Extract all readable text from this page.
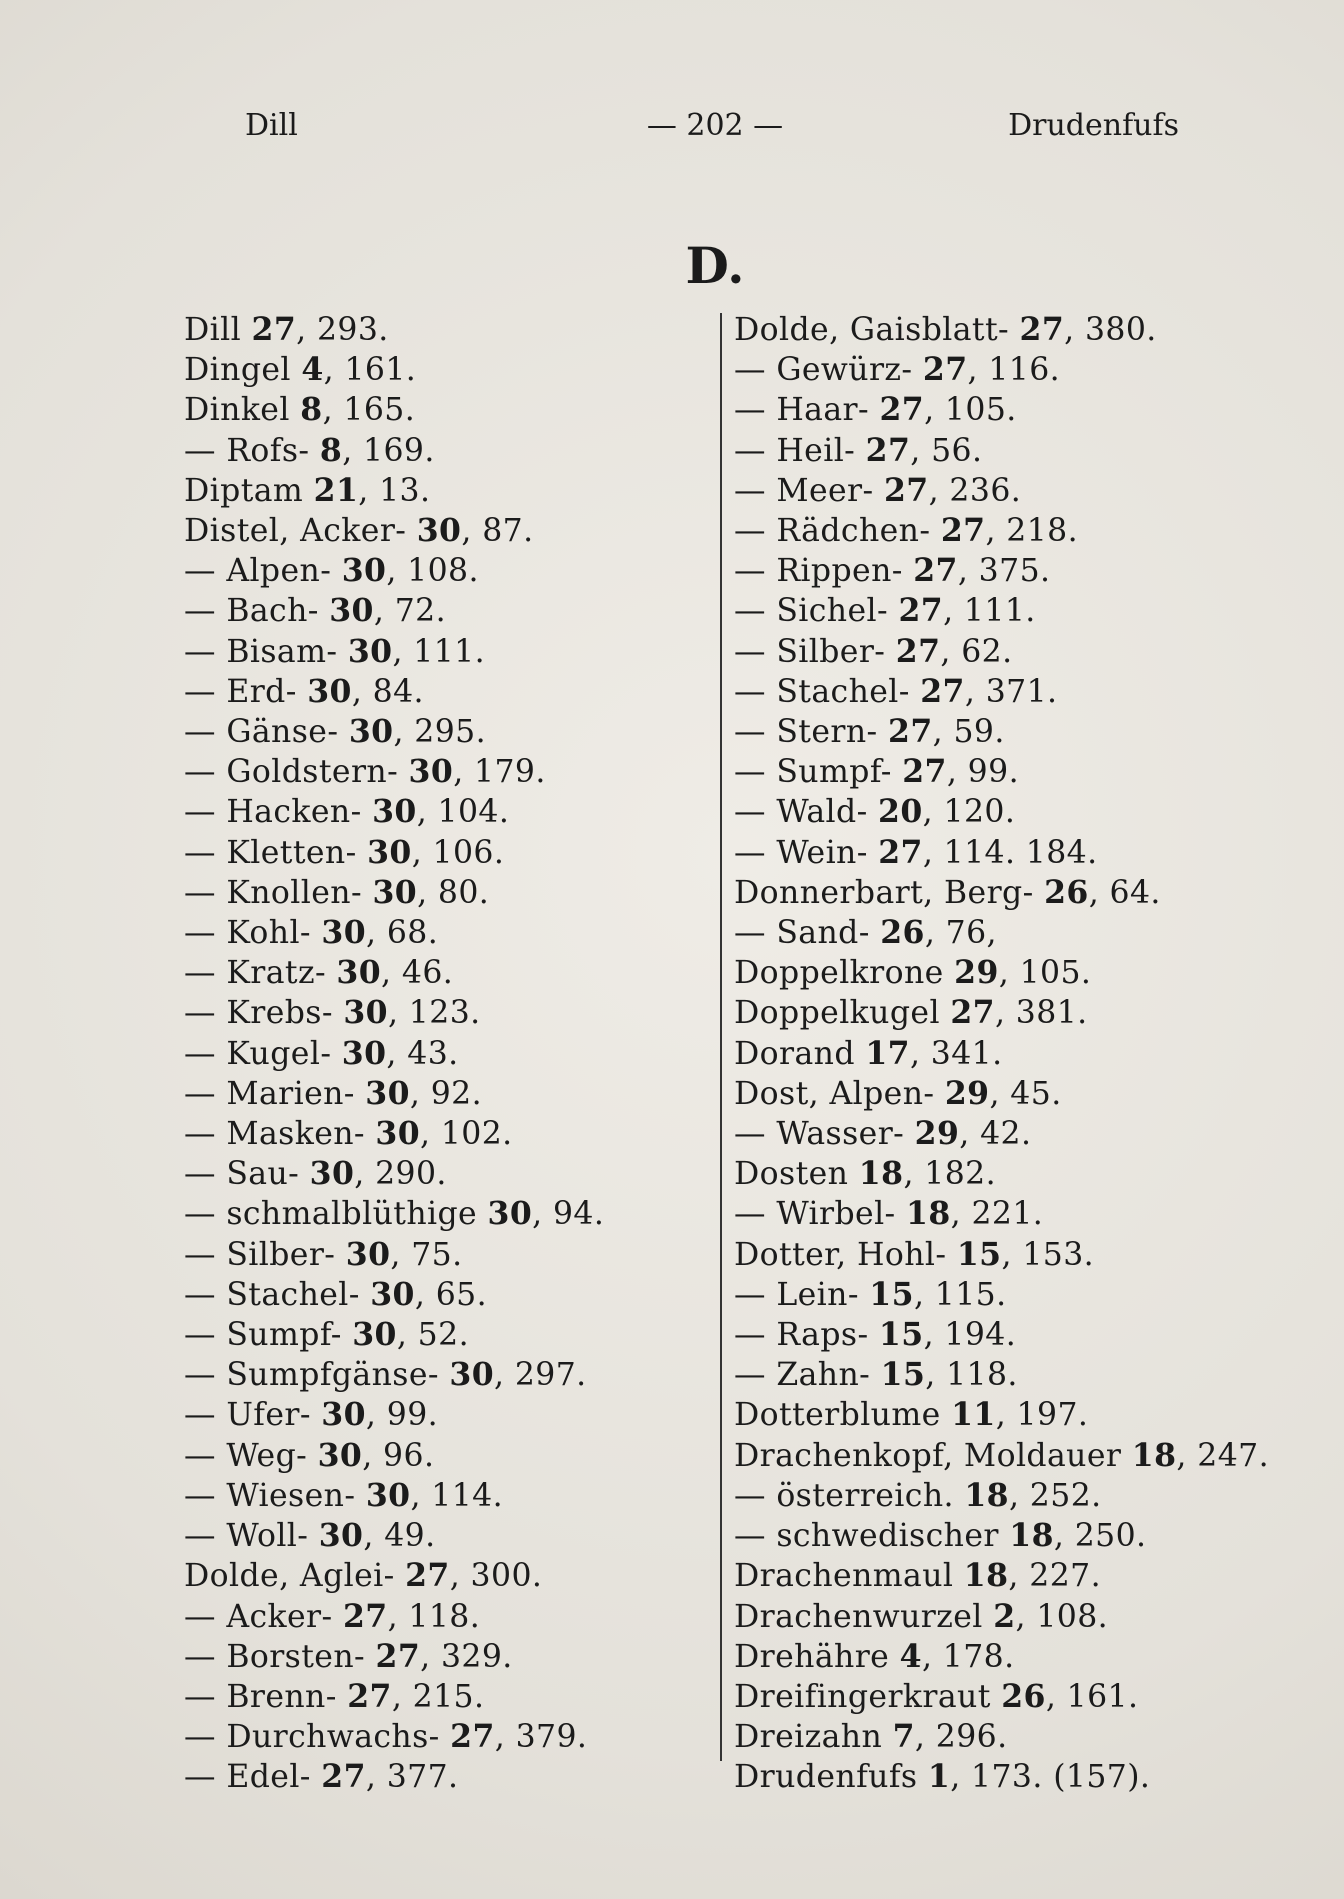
Dill	— 202 —	Drudenfufs
D.
Dill 27, 293.
Dingel 4, 161.
Dinkel 8, 165.
— Rofs- 8, 169.
Diptam 21, 13.
Distel, Acker- 30, 87.
— Alpen- 30, 108.
— Bach- 30, 72.
— Bisam- 30, 111.
— Erd- 30, 84.
— Gänse- 30, 295.
— Goldstern- 30, 179.
— Hacken- 30, 104.
— Kletten- 30, 106.
— Knollen- 30, 80.
— Kohl- 30, 68.
— Kratz- 30, 46.
— Krebs- 30, 123.
— Kugel- 30, 43.
— Marien- 30, 92.
— Masken- 30, 102.
— Sau- 30, 290.
— schmalblüthige 30, 94.
— Silber- 30, 75.
— Stachel- 30, 65.
— Sumpf- 30, 52.
— Sumpfgänse- 30, 297.
— Ufer- 30, 99.
— Weg- 30, 96.
— Wiesen- 30, 114.
— Woll- 30, 49.
Dolde, Aglei- 27, 300.
— Acker- 27, 118.
— Borsten- 27, 329.
— Brenn- 27, 215.
— Durchwachs- 27, 379.
— Edel- 27, 377.
Dolde, Gaisblatt- 27, 380.
— Gewürz- 27, 116.
— Haar- 27, 105.
— Heil- 27, 56.
— Meer- 27, 236.
— Rädchen- 27, 218.
— Rippen- 27, 375.
— Sichel- 27, 111.
— Silber- 27, 62.
— Stachel- 27, 371.
— Stern- 27, 59.
— Sumpf- 27, 99.
— Wald- 20, 120.
— Wein- 27, 114. 184.
Donnerbart, Berg- 26, 64.
— Sand- 26, 76,
Doppelkrone 29, 105.
Doppelkugel 27, 381.
Dorand 17, 341.
Dost, Alpen- 29, 45.
— Wasser- 29, 42.
Dosten 18, 182.
— Wirbel- 18, 221.
Dotter, Hohl- 15, 153.
— Lein- 15, 115.
— Raps- 15, 194.
— Zahn- 15, 118.
Dotterblume 11, 197.
Drachenkopf, Moldauer 18, 247.
— österreich. 18, 252.
— schwedischer 18, 250.
Drachenmaul 18, 227.
Drachenwurzel 2, 108.
Drehähre 4, 178.
Dreifingerkraut 26, 161.
Dreizahn 7, 296.
Drudenfufs 1, 173. (157).
